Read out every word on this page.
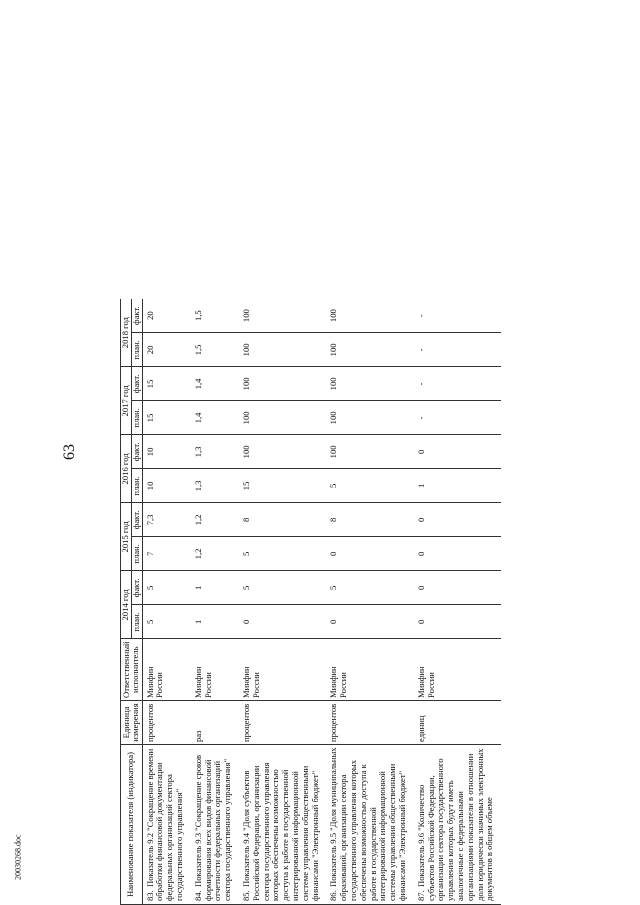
63
20030268.doc	Наименование показателя (индикатора)	Единица измерения	Ответственный исполнитель	2014 год		2015 год		2016 год		2017 год		2018 год	
			план.	факт.	план.	факт.	план.	факт.	план.	факт.	план.	факт.
83.Показатель 9.2 "Сокращение времени обработки финансовой документации федеральных организаций сектора государственного управления"	процентов	Минфин России	5	5	7	7,3	10	10	15	15	20	20
84.Показатель 9.3 "Сокращение сроков формирования всех видов финансовой отчетности федеральных организаций сектора государственного управления"	раз	Минфин России	1	1	1,2	1,2	1,3	1,3	1,4	1,4	1,5	1,5
85.Показатель 9.4 "Доля субъектов Российской Федерации, организации сектора государственного управления которых обеспечены возможностью доступа к работе в государственной интегрированной информационной системе управления общественными финансами "Электронный бюджет"	процентов	Минфин России	0	5	5	8	15	100	100	100	100	100
86.Показатель 9.5 "Доля муниципальных образований, организации сектора государственного управления которых обеспечены возможностью доступа к работе в государственной интегрированной информационной системы управления общественными финансами "Электронный бюджет"	процентов	Минфин России	0	5	0	8	5	100	100	100	100	100
87.Показатель 9.6 "Количество субъектов Российской Федерации, организации сектора государственного управления которых будут иметь аналогичные с федеральными организациями показатели в отношении доли юридически значимых электронных документов в общем объеме	единиц	Минфин России	0	0	0	0	1	0	-	-	-	-
